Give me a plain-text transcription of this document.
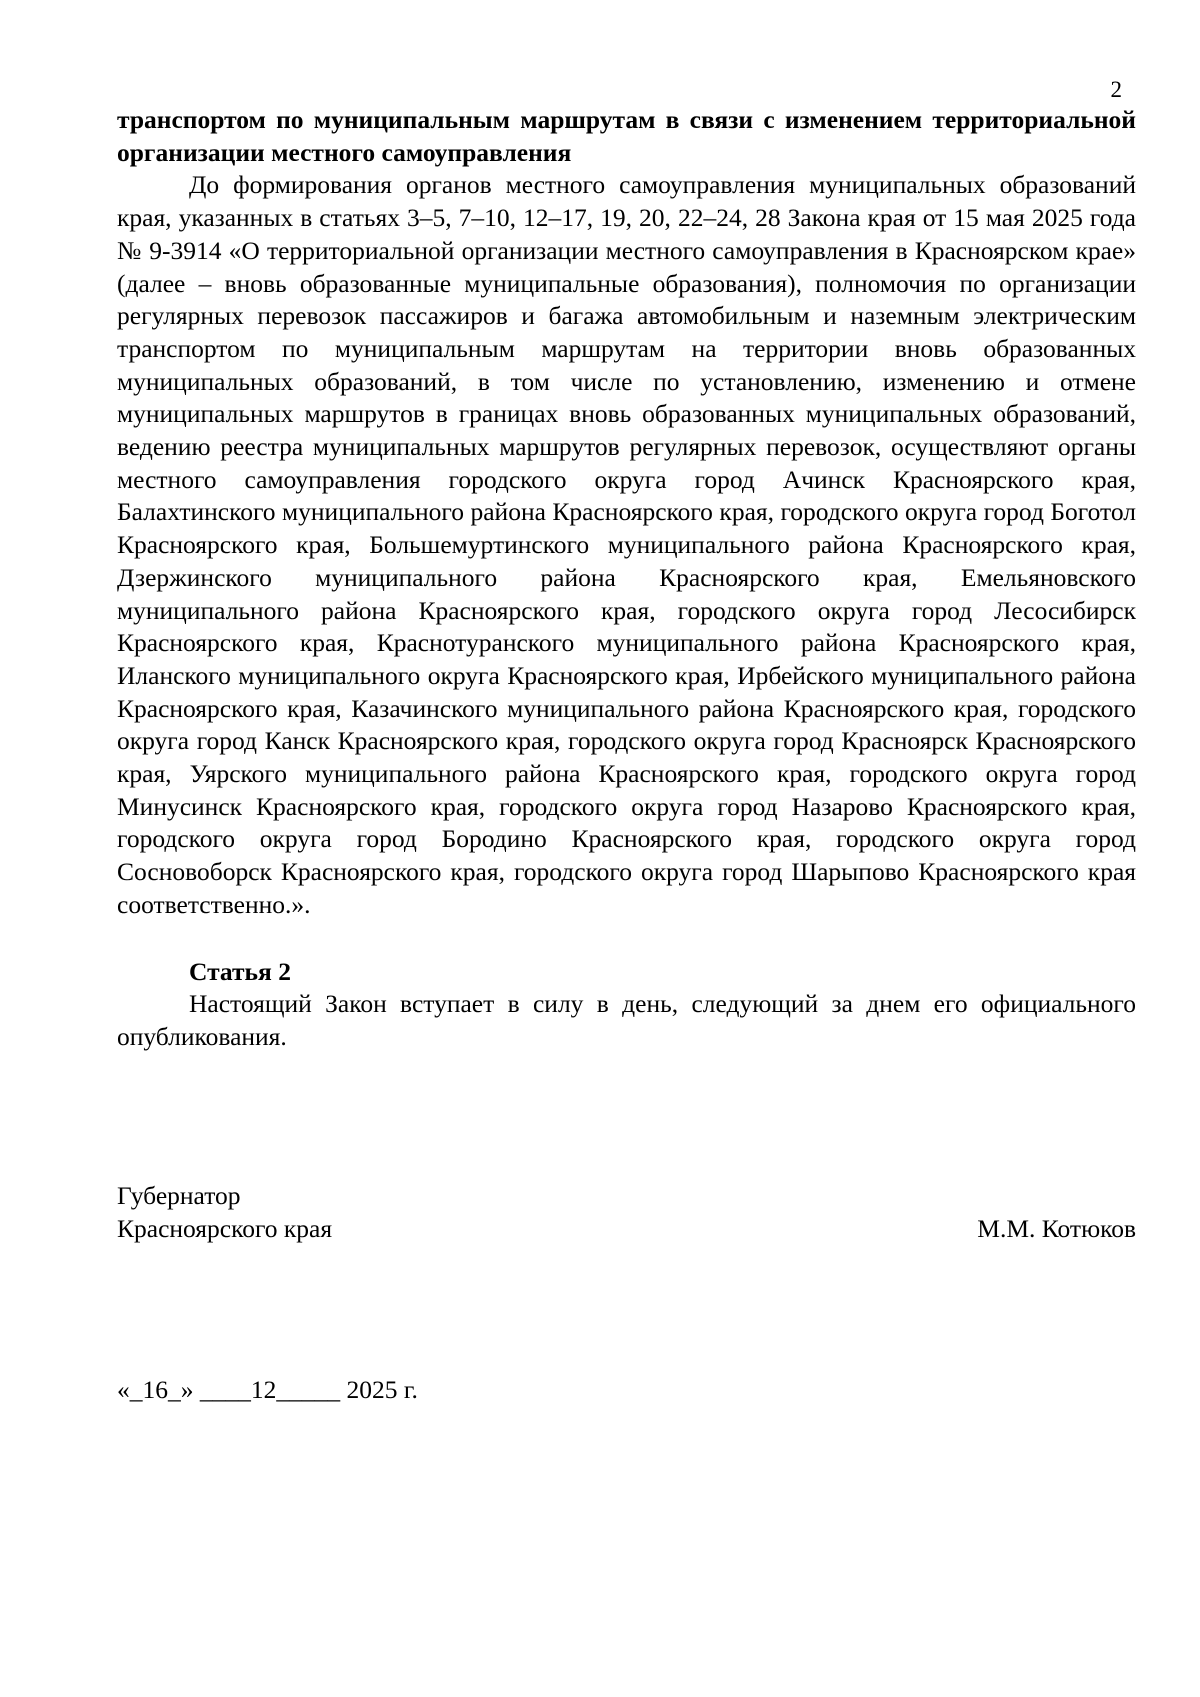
2

транспортом по муниципальным маршрутам в связи с изменением территориальной организации местного самоуправления

До формирования органов местного самоуправления муниципальных образований края, указанных в статьях 3–5, 7–10, 12–17, 19, 20, 22–24, 28 Закона края от 15 мая 2025 года № 9-3914 «О территориальной организации местного самоуправления в Красноярском крае» (далее – вновь образованные муниципальные образования), полномочия по организации регулярных перевозок пассажиров и багажа автомобильным и наземным электрическим транспортом по муниципальным маршрутам на территории вновь образованных муниципальных образований, в том числе по установлению, изменению и отмене муниципальных маршрутов в границах вновь образованных муниципальных образований, ведению реестра муниципальных маршрутов регулярных перевозок, осуществляют органы местного самоуправления городского округа город Ачинск Красноярского края, Балахтинского муниципального района Красноярского края, городского округа город Боготол Красноярского края, Большемуртинского муниципального района Красноярского края, Дзержинского муниципального района Красноярского края, Емельяновского муниципального района Красноярского края, городского округа город Лесосибирск Красноярского края, Краснотуранского муниципального района Красноярского края, Иланского муниципального округа Красноярского края, Ирбейского муниципального района Красноярского края, Казачинского муниципального района Красноярского края, городского округа город Канск Красноярского края, городского округа город Красноярск Красноярского края, Уярского муниципального района Красноярского края, городского округа город Минусинск Красноярского края, городского округа город Назарово Красноярского края, городского округа город Бородино Красноярского края, городского округа город Сосновоборск Красноярского края, городского округа город Шарыпово Красноярского края соответственно.».

Статья 2

Настоящий Закон вступает в силу в день, следующий за днем его официального опубликования.

Губернатор
Красноярского края	М.М. Котюков
«_16_» ____12_____ 2025 г.
